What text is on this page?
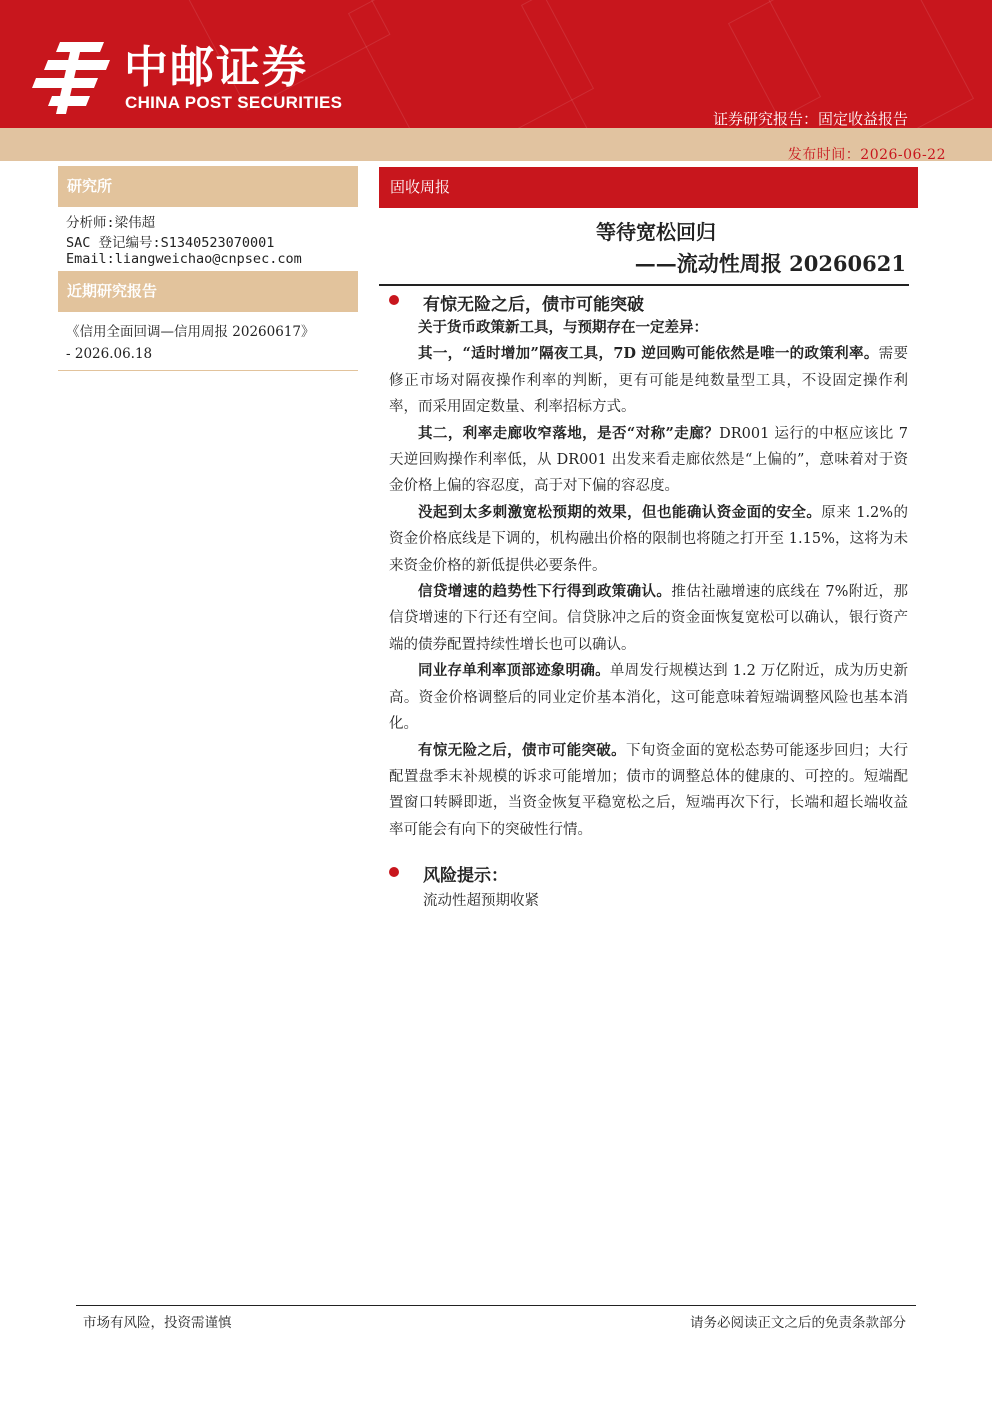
中邮证券
CHINA POST SECURITIES
证券研究报告：固定收益报告
发布时间：2026-06-22
研究所
分析师:梁伟超
SAC 登记编号:S1340523070001
Email:liangweichao@cnpsec.com
近期研究报告
《信用全面回调—信用周报 20260617》
- 2026.06.18
固收周报
等待宽松回归
——流动性周报 20260621
有惊无险之后，债市可能突破

关于货币政策新工具，与预期存在一定差异：

其一，“适时增加”隔夜工具，7D 逆回购可能依然是唯一的政策利率。需要修正市场对隔夜操作利率的判断，更有可能是纯数量型工具，不设固定操作利率，而采用固定数量、利率招标方式。

其二，利率走廊收窄落地，是否“对称”走廊？DR001 运行的中枢应该比 7 天逆回购操作利率低，从 DR001 出发来看走廊依然是“上偏的”，意味着对于资金价格上偏的容忍度，高于对下偏的容忍度。

没起到太多刺激宽松预期的效果，但也能确认资金面的安全。原来 1.2%的资金价格底线是下调的，机构融出价格的限制也将随之打开至 1.15%，这将为未来资金价格的新低提供必要条件。

信贷增速的趋势性下行得到政策确认。推估社融增速的底线在 7%附近，那信贷增速的下行还有空间。信贷脉冲之后的资金面恢复宽松可以确认，银行资产端的债券配置持续性增长也可以确认。

同业存单利率顶部迹象明确。单周发行规模达到 1.2 万亿附近，成为历史新高。资金价格调整后的同业定价基本消化，这可能意味着短端调整风险也基本消化。

有惊无险之后，债市可能突破。下旬资金面的宽松态势可能逐步回归；大行配置盘季末补规模的诉求可能增加；债市的调整总体的健康的、可控的。短端配置窗口转瞬即逝，当资金恢复平稳宽松之后，短端再次下行，长端和超长端收益率可能会有向下的突破性行情。

风险提示：
流动性超预期收紧
市场有风险，投资需谨慎	请务必阅读正文之后的免责条款部分
